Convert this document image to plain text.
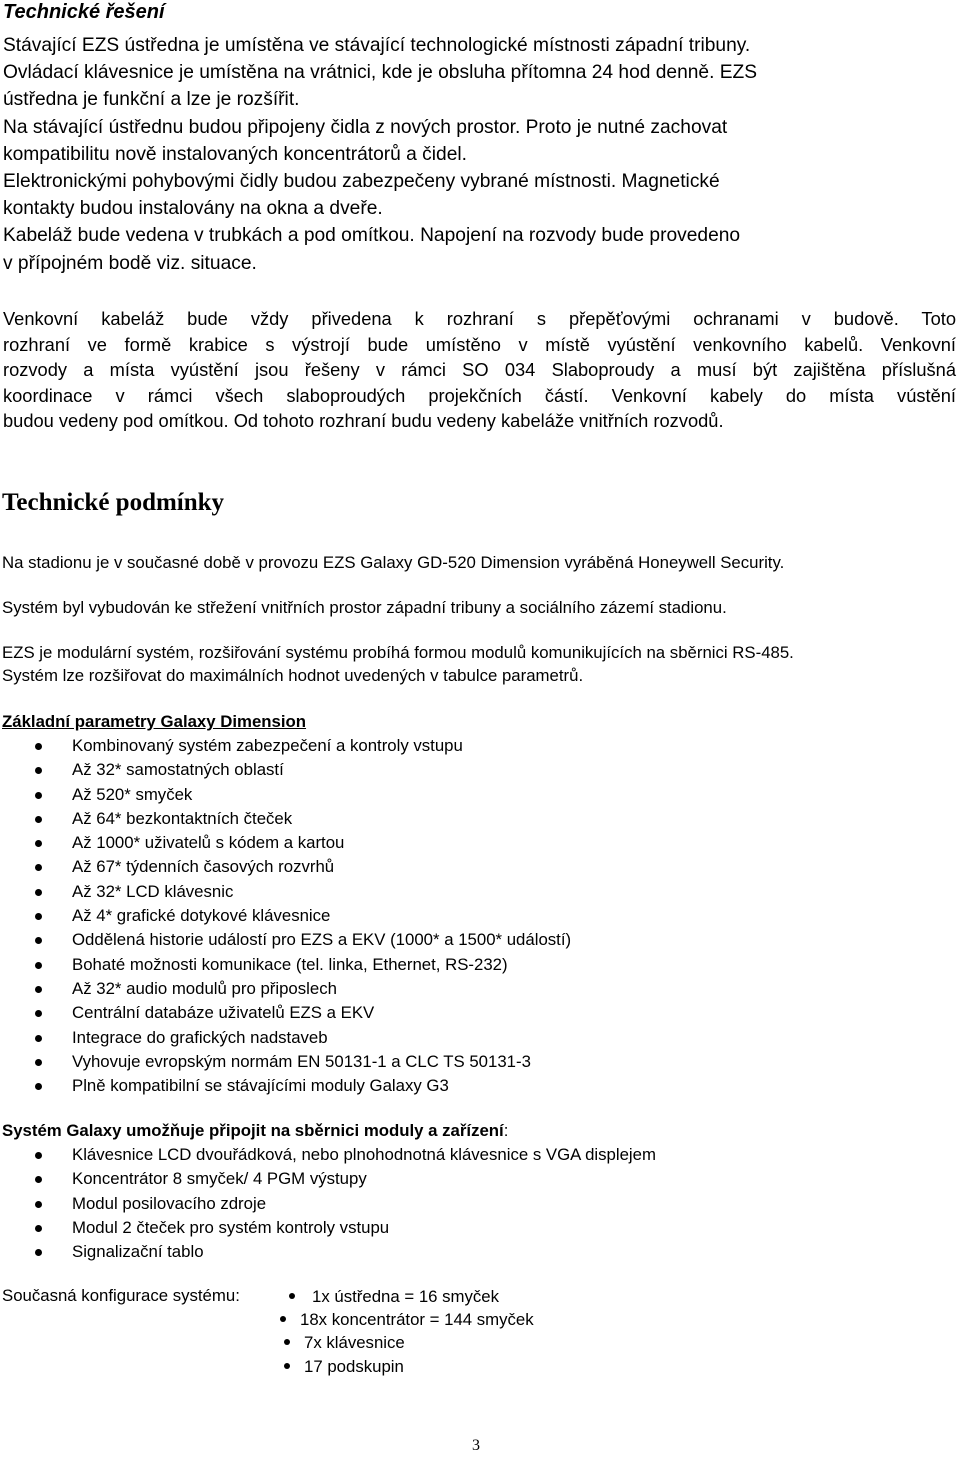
Technické řešení

Stávající EZS ústředna je umístěna ve stávající technologické místnosti západní tribuny.
Ovládací klávesnice je umístěna na vrátnici, kde je obsluha přítomna 24 hod denně. EZS
ústředna je funkční a lze je rozšířit.
Na stávající ústřednu budou připojeny čidla z nových prostor. Proto je nutné zachovat
kompatibilitu nově instalovaných koncentrátorů a čidel.
Elektronickými pohybovými čidly budou zabezpečeny vybrané místnosti. Magnetické
kontakty budou instalovány na okna a dveře.
Kabeláž bude vedena v trubkách a pod omítkou. Napojení na rozvody bude provedeno
v přípojném bodě viz. situace.

Venkovní kabeláž bude vždy přivedena k rozhraní s přepěťovými ochranami v budově. Toto
rozhraní ve formě krabice s výstrojí bude umístěno v místě vyústění venkovního kabelů. Venkovní
rozvody a místa vyústění jsou řešeny v rámci SO 034 Slaboproudy a musí být zajištěna příslušná
koordinace v rámci všech slaboproudých projekčních částí. Venkovní kabely do místa vústění
budou vedeny pod omítkou. Od tohoto rozhraní budu vedeny kabeláže vnitřních rozvodů.

Technické podmínky

Na stadionu je v současné době v provozu EZS Galaxy GD-520 Dimension vyráběná Honeywell Security.

Systém byl vybudován ke střežení vnitřních prostor západní tribuny a sociálního zázemí stadionu.

EZS je modulární systém, rozšiřování systému probíhá formou modulů komunikujících na sběrnici RS-485.

Systém lze rozšiřovat do maximálních hodnot uvedených v tabulce parametrů.

Základní parametry Galaxy Dimension

Kombinovaný systém zabezpečení a kontroly vstupu
Až 32* samostatných oblastí
Až 520* smyček
Až 64* bezkontaktních čteček
Až 1000* uživatelů s kódem a kartou
Až 67* týdenních časových rozvrhů
Až 32* LCD klávesnic
Až 4* grafické dotykové klávesnice
Oddělená historie událostí pro EZS a EKV (1000* a 1500* událostí)
Bohaté možnosti komunikace (tel. linka, Ethernet, RS-232)
Až 32* audio modulů pro připoslech
Centrální databáze uživatelů EZS a EKV
Integrace do grafických nadstaveb
Vyhovuje evropským normám EN 50131-1 a CLC TS 50131-3
Plně kompatibilní se stávajícími moduly Galaxy G3

Systém Galaxy umožňuje připojit na sběrnici moduly a zařízení:

Klávesnice LCD dvouřádková, nebo plnohodnotná klávesnice s VGA displejem
Koncentrátor 8 smyček/ 4 PGM výstupy
Modul posilovacího zdroje
Modul 2 čteček pro systém kontroly vstupu
Signalizační tablo
Současná konfigurace systému:	1x ústředna = 16 smyček
18x koncentrátor = 144 smyček
7x klávesnice
17 podskupin
3
